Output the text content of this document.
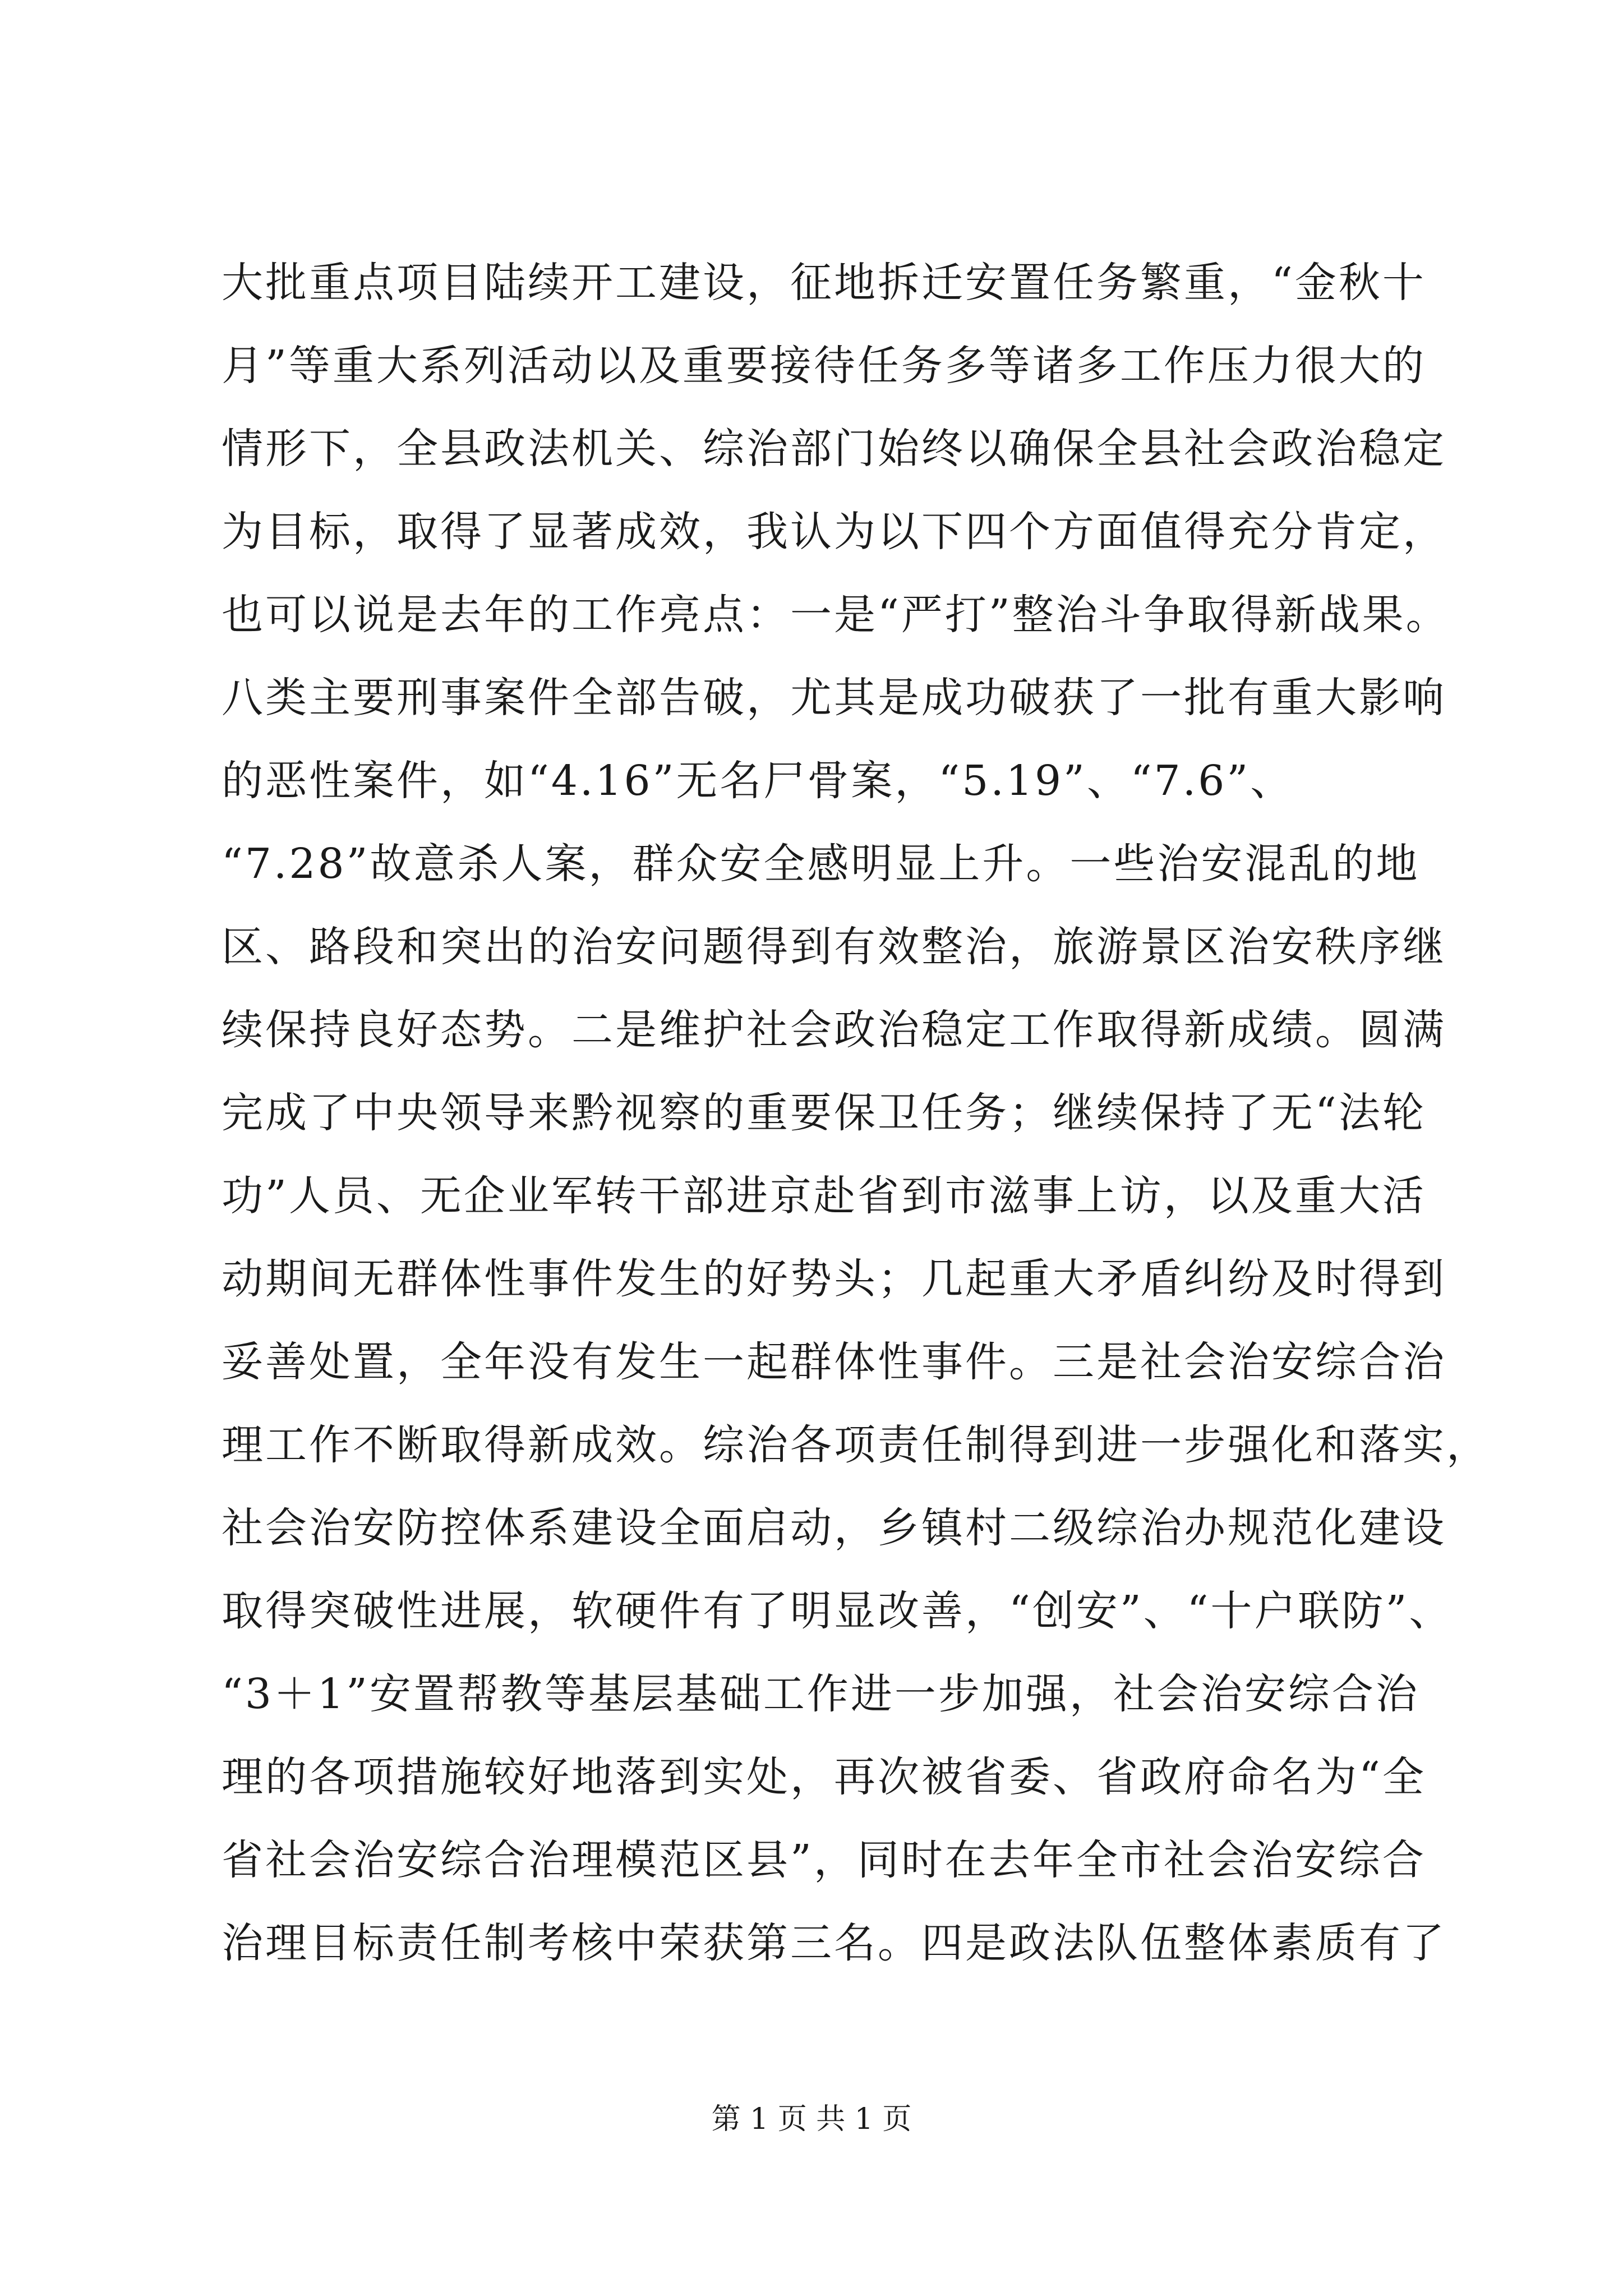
大批重点项目陆续开工建设，征地拆迁安置任务繁重，“金秋十
月”等重大系列活动以及重要接待任务多等诸多工作压力很大的
情形下，全县政法机关、综治部门始终以确保全县社会政治稳定
为目标，取得了显著成效，我认为以下四个方面值得充分肯定，
也可以说是去年的工作亮点：一是“严打”整治斗争取得新战果。
八类主要刑事案件全部告破，尤其是成功破获了一批有重大影响
的恶性案件，如“4.16”无名尸骨案，“5.19”、“7.6”、
“7.28”故意杀人案，群众安全感明显上升。一些治安混乱的地
区、路段和突出的治安问题得到有效整治，旅游景区治安秩序继
续保持良好态势。二是维护社会政治稳定工作取得新成绩。圆满
完成了中央领导来黔视察的重要保卫任务；继续保持了无“法轮
功”人员、无企业军转干部进京赴省到市滋事上访，以及重大活
动期间无群体性事件发生的好势头；几起重大矛盾纠纷及时得到
妥善处置，全年没有发生一起群体性事件。三是社会治安综合治
理工作不断取得新成效。综治各项责任制得到进一步强化和落实，
社会治安防控体系建设全面启动，乡镇村二级综治办规范化建设
取得突破性进展，软硬件有了明显改善，“创安”、“十户联防”、
“3＋1”安置帮教等基层基础工作进一步加强，社会治安综合治
理的各项措施较好地落到实处，再次被省委、省政府命名为“全
省社会治安综合治理模范区县”，同时在去年全市社会治安综合
治理目标责任制考核中荣获第三名。四是政法队伍整体素质有了
第 1 页 共 1 页
